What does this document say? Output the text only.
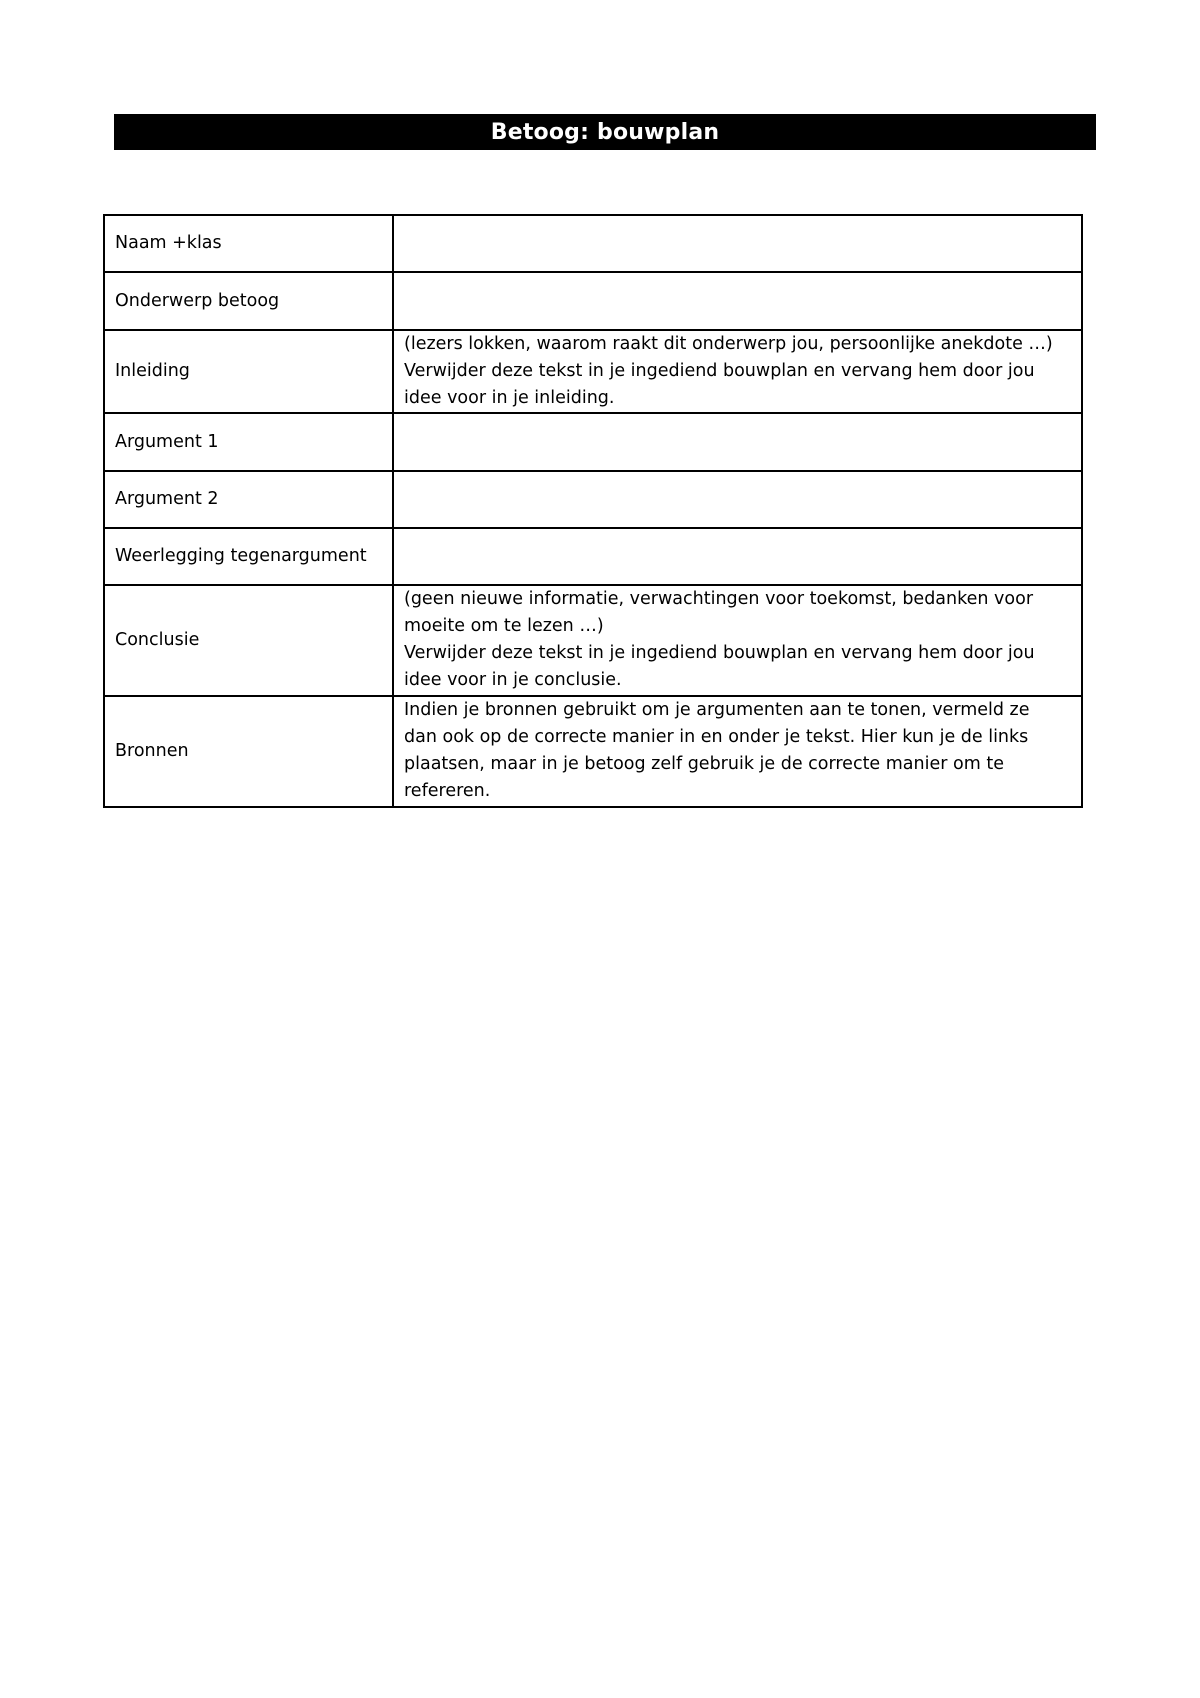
Betoog: bouwplan
Naam +klas	
Onderwerp betoog	
Inleiding	(lezers lokken, waarom raakt dit onderwerp jou, persoonlijke anekdote …)
Verwijder deze tekst in je ingediend bouwplan en vervang hem door jou
idee voor in je inleiding.

Argument 1	
Argument 2	
Weerlegging tegenargument	
Conclusie	(geen nieuwe informatie, verwachtingen voor toekomst, bedanken voor
moeite om te lezen …)
Verwijder deze tekst in je ingediend bouwplan en vervang hem door jou
idee voor in je conclusie.

Bronnen	Indien je bronnen gebruikt om je argumenten aan te tonen, vermeld ze
dan ook op de correcte manier in en onder je tekst. Hier kun je de links
plaatsen, maar in je betoog zelf gebruik je de correcte manier om te
refereren.
